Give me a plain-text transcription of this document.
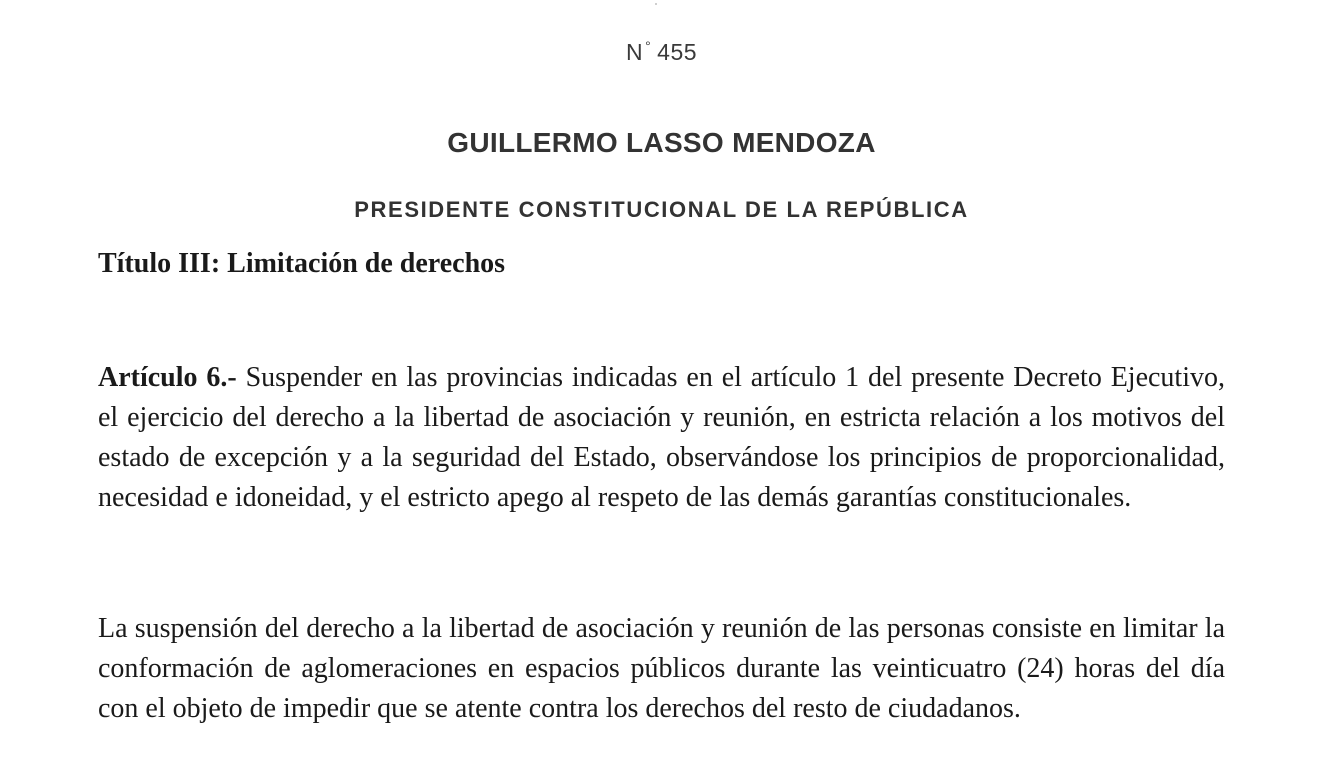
N ° 455
GUILLERMO LASSO MENDOZA
PRESIDENTE CONSTITUCIONAL DE LA REPÚBLICA
Título III: Limitación de derechos

Artículo 6.- Suspender en las provincias indicadas en el artículo 1 del presente Decreto Ejecutivo, el ejercicio del derecho a la libertad de asociación y reunión, en estricta relación a los motivos del estado de excepción y a la seguridad del Estado, observándose los principios de proporcionalidad, necesidad e idoneidad, y el estricto apego al respeto de las demás garantías constitucionales.

La suspensión del derecho a la libertad de asociación y reunión de las personas consiste en limitar la conformación de aglomeraciones en espacios públicos durante las veinticuatro (24) horas del día con el objeto de impedir que se atente contra los derechos del resto de ciudadanos.
